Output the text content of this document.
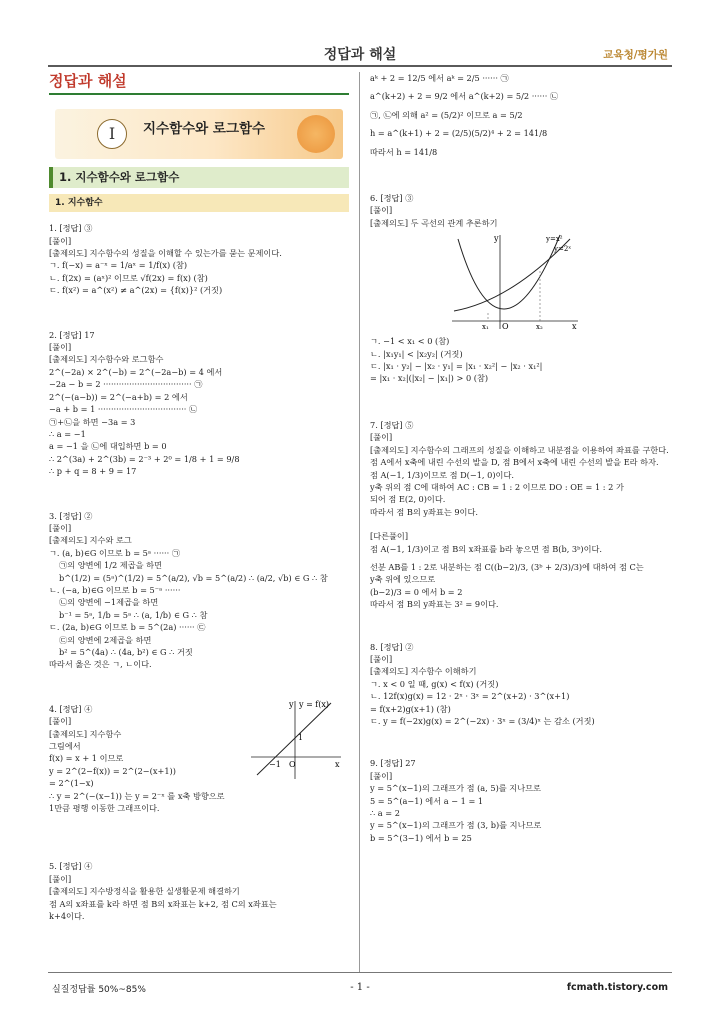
정답과 해설	교육청/평가원
정답과 해설
I	지수함수와 로그함수
1. 지수함수와 로그함수
1. 지수함수
1. [정답] ③
[풀이]
[출제의도] 지수함수의 성질을 이해할 수 있는가를 묻는 문제이다.
ㄱ. f(−x) = a⁻ˣ = 1/aˣ = 1/f(x) (참)
ㄴ. f(2x) = (aˣ)² 이므로 √f(2x) = f(x) (참)
ㄷ. f(x²) = a^(x²) ≠ a^(2x) = {f(x)}² (거짓)
2. [정답] 17
[풀이]
[출제의도] 지수함수와 로그함수
2^(−2a) × 2^(−b) = 2^(−2a−b) = 4 에서
−2a − b = 2 ·································· ㉠
2^(−(a−b)) = 2^(−a+b) = 2 에서
−a + b = 1 ·································· ㉡
㉠+㉡을 하면 −3a = 3
∴ a = −1
a = −1 을 ㉡에 대입하면 b = 0
∴ 2^(3a) + 2^(3b) = 2⁻³ + 2⁰ = 1/8 + 1 = 9/8
∴ p + q = 8 + 9 = 17
3. [정답] ②
[풀이]
[출제의도] 지수와 로그
ㄱ. (a, b)∈G 이므로 b = 5ᵃ ······ ㉠
㉠의 양변에 1/2 제곱을 하면
b^(1/2) = (5ᵃ)^(1/2) = 5^(a/2), √b = 5^(a/2) ∴ (a/2, √b) ∈ G ∴ 참
ㄴ. (−a, b)∈G 이므로 b = 5⁻ᵃ ······
㉡의 양변에 −1제곱을 하면
b⁻¹ = 5ᵃ, 1/b = 5ᵃ ∴ (a, 1/b) ∈ G ∴ 참
ㄷ. (2a, b)∈G 이므로 b = 5^(2a) ······ ㉢
㉢의 양변에 2제곱을 하면
b² = 5^(4a) ∴ (4a, b²) ∈ G ∴ 거짓
따라서 옳은 것은 ㄱ, ㄴ이다.
y y = f(x)
x
O
1
−1
4. [정답] ④
[풀이]
[출제의도] 지수함수
그림에서
f(x) = x + 1 이므로
y = 2^(2−f(x)) = 2^(2−(x+1))
= 2^(1−x)
∴ y = 2^(−(x−1)) 는 y = 2⁻ˣ 를 x축 방향으로
1만큼 평행 이동한 그래프이다.
5. [정답] ④
[풀이]
[출제의도] 지수방정식을 활용한 실생활문제 해결하기
점 A의 x좌표를 k라 하면 점 B의 x좌표는 k+2, 점 C의 x좌표는
k+4이다.
aᵏ + 2 = 12/5 에서 aᵏ = 2/5 ······ ㉠
a^(k+2) + 2 = 9/2 에서 a^(k+2) = 5/2 ······ ㉡
㉠, ㉡에 의해 a² = (5/2)² 이므로 a = 5/2
h = a^(k+1) + 2 = (2/5)(5/2)⁴ + 2 = 141/8
따라서 h = 141/8
6. [정답] ③
[풀이]
[출제의도] 두 곡선의 관계 추론하기
y
x
O
x₁	x₂
y=x²
y=2ˣ
ㄱ. −1 < x₁ < 0 (참)
ㄴ. |x₁y₁| < |x₂y₂| (거짓)
ㄷ. |x₁ · y₂| − |x₂ · y₁| = |x₁ · x₂²| − |x₂ · x₁²|
= |x₁ · x₂|(|x₂| − |x₁|) > 0 (참)
7. [정답] ⑤
[풀이]
[출제의도] 지수함수의 그래프의 성질을 이해하고 내분점을 이용하여 좌표를 구한다.
점 A에서 x축에 내린 수선의 발을 D, 점 B에서 x축에 내린 수선의 발을 E라 하자.
점 A(−1, 1/3)이므로 점 D(−1, 0)이다.
y축 위의 점 C에 대하여 AC : CB = 1 : 2 이므로 DO : OE = 1 : 2 가
되어 점 E(2, 0)이다.
따라서 점 B의 y좌표는 9이다.
[다른풀이]
점 A(−1, 1/3)이고 점 B의 x좌표를 b라 놓으면 점 B(b, 3ᵇ)이다.
선분 AB를 1 : 2로 내분하는 점 C((b−2)/3, (3ᵇ + 2/3)/3)에 대하여 점 C는
y축 위에 있으므로
(b−2)/3 = 0 에서 b = 2
따라서 점 B의 y좌표는 3² = 9이다.
8. [정답] ②
[풀이]
[출제의도] 지수함수 이해하기
ㄱ. x < 0 일 때, g(x) < f(x) (거짓)
ㄴ. 12f(x)g(x) = 12 · 2ˣ · 3ˣ = 2^(x+2) · 3^(x+1)
= f(x+2)g(x+1) (참)
ㄷ. y = f(−2x)g(x) = 2^(−2x) · 3ˣ = (3/4)ˣ 는 감소 (거짓)
9. [정답] 27
[풀이]
y = 5^(x−1)의 그래프가 점 (a, 5)를 지나므로
5 = 5^(a−1) 에서 a − 1 = 1
∴ a = 2
y = 5^(x−1)의 그래프가 점 (3, b)를 지나므로
b = 5^(3−1) 에서 b = 25
실질정답률 50%~85%	- 1 -	fcmath.tistory.com
